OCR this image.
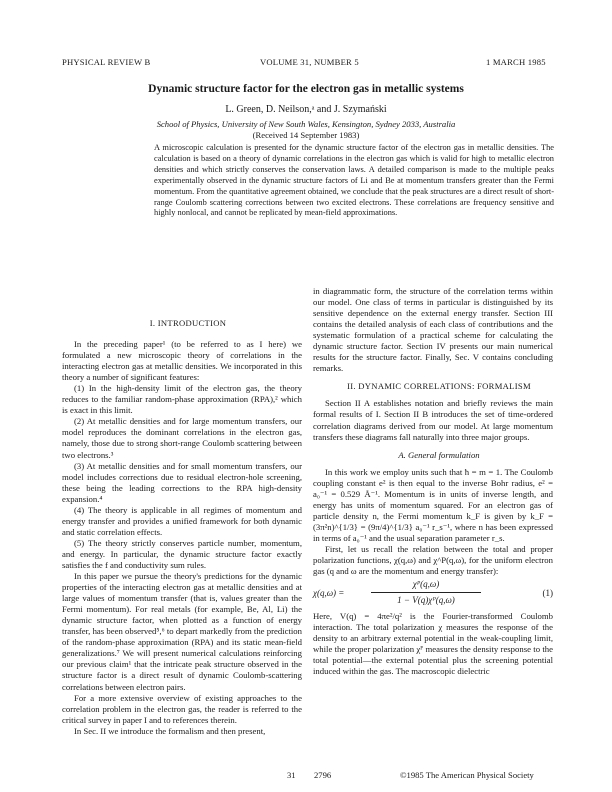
PHYSICAL REVIEW B	VOLUME 31, NUMBER 5	1 MARCH 1985
Dynamic structure factor for the electron gas in metallic systems
L. Green, D. Neilson,ᵃ and J. Szymański
School of Physics, University of New South Wales, Kensington, Sydney 2033, Australia
(Received 14 September 1983)
A microscopic calculation is presented for the dynamic structure factor of the electron gas in metallic densities. The calculation is based on a theory of dynamic correlations in the electron gas which is valid for high to metallic electron densities and which strictly conserves the conservation laws. A detailed comparison is made to the multiple peaks experimentally observed in the dynamic structure factors of Li and Be at momentum transfers greater than the Fermi momentum. From the quantitative agreement obtained, we conclude that the peak structures are a direct result of short-range Coulomb scattering corrections between two excited electrons. These correlations are frequency sensitive and highly nonlocal, and cannot be replicated by mean-field approximations.

I. INTRODUCTION

In the preceding paper¹ (to be referred to as I here) we formulated a new microscopic theory of correlations in the interacting electron gas at metallic densities. We incorporated in this theory a number of significant features:

(1) In the high-density limit of the electron gas, the theory reduces to the familiar random-phase approximation (RPA),² which is exact in this limit.

(2) At metallic densities and for large momentum transfers, our model reproduces the dominant correlations in the electron gas, namely, those due to strong short-range Coulomb scattering between two electrons.³

(3) At metallic densities and for small momentum transfers, our model includes corrections due to residual electron-hole screening, these being the leading corrections to the RPA high-density expansion.⁴

(4) The theory is applicable in all regimes of momentum and energy transfer and provides a unified framework for both dynamic and static correlation effects.

(5) The theory strictly conserves particle number, momentum, and energy. In particular, the dynamic structure factor exactly satisfies the f and conductivity sum rules.

In this paper we pursue the theory's predictions for the dynamic properties of the interacting electron gas at metallic densities and at large values of momentum transfer (that is, values greater than the Fermi momentum). For real metals (for example, Be, Al, Li) the dynamic structure factor, when plotted as a function of energy transfer, has been observed⁵,⁶ to depart markedly from the prediction of the random-phase approximation (RPA) and its static mean-field generalizations.⁷ We will present numerical calculations reinforcing our previous claim¹ that the intricate peak structure observed in the structure factor is a direct result of dynamic Coulomb-scattering correlations between electron pairs.

For a more extensive overview of existing approaches to the correlation problem in the electron gas, the reader is referred to the critical survey in paper I and to references therein.

In Sec. II we introduce the formalism and then present,

in diagrammatic form, the structure of the correlation terms within our model. One class of terms in particular is distinguished by its sensitive dependence on the external energy transfer. Section III contains the detailed analysis of each class of contributions and the systematic formulation of a practical scheme for calculating the dynamic structure factor. Section IV presents our main numerical results for the structure factor. Finally, Sec. V contains concluding remarks.

II. DYNAMIC CORRELATIONS: FORMALISM

Section II A establishes notation and briefly reviews the main formal results of I. Section II B introduces the set of time-ordered correlation diagrams derived from our model. At large momentum transfers these diagrams fall naturally into three major groups.

A. General formulation

In this work we employ units such that ħ = m = 1. The Coulomb coupling constant e² is then equal to the inverse Bohr radius, e² = a₀⁻¹ = 0.529 Å⁻¹. Momentum is in units of inverse length, and energy has units of momentum squared. For an electron gas of particle density n, the Fermi momentum k_F is given by k_F = (3π²n)^{1/3} = (9π/4)^{1/3} a₀⁻¹ r_s⁻¹, where n has been expressed in terms of a₀⁻¹ and the usual separation parameter r_s.

First, let us recall the relation between the total and proper polarization functions, χ(q,ω) and χ^P(q,ω), for the uniform electron gas (q and ω are the momentum and energy transfer):

χ(q,ω) =
χᴾ(q,ω)
1 − V(q)χᴾ(q,ω)
(1)

Here, V(q) = 4πe²/q² is the Fourier-transformed Coulomb interaction. The total polarization χ measures the response of the density to an arbitrary external potential in the weak-coupling limit, while the proper polarization χᴾ measures the density response to the total potential—the external potential plus the screening potential induced within the gas. The macroscopic dielectric

31 2796	©1985 The American Physical Society
